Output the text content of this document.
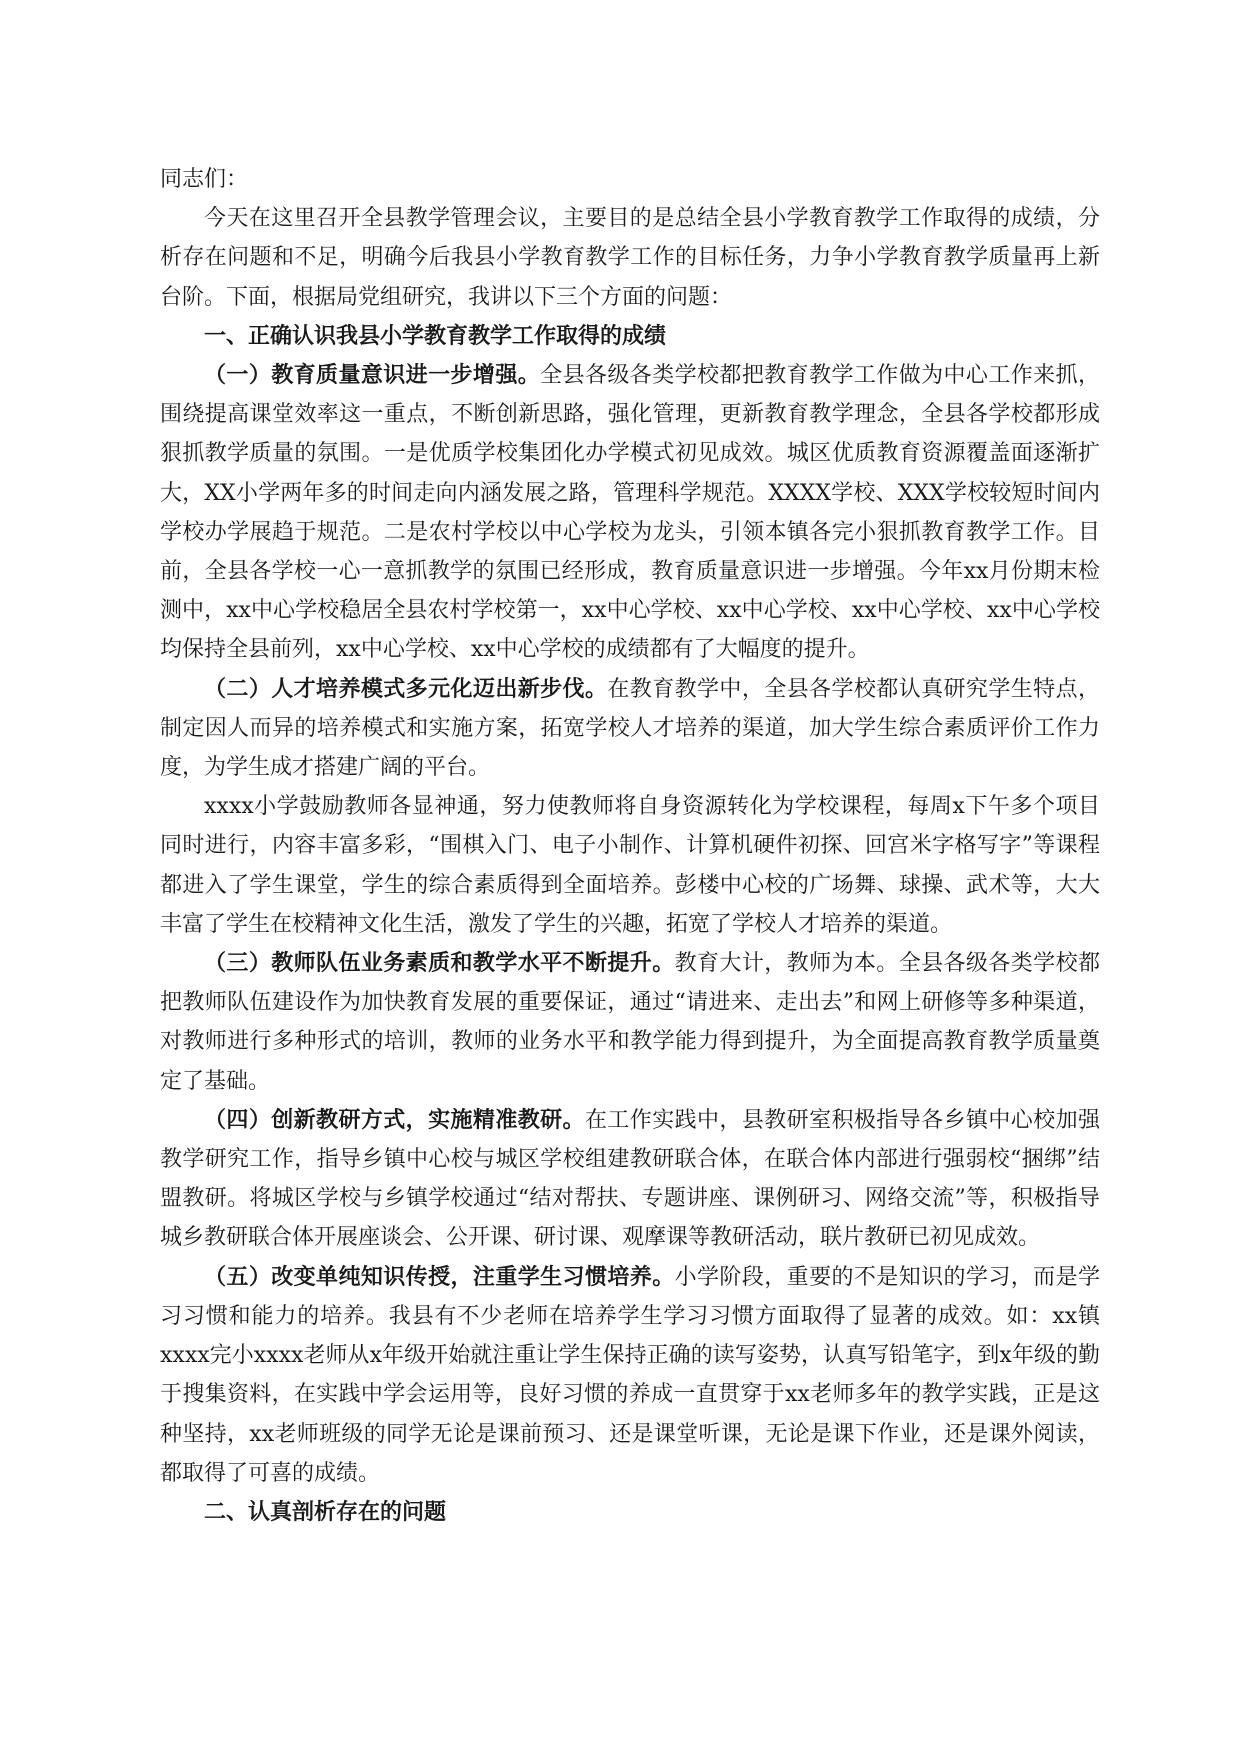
同志们：

今天在这里召开全县教学管理会议，主要目的是总结全县小学教育教学工作取得的成绩，分析存在问题和不足，明确今后我县小学教育教学工作的目标任务，力争小学教育教学质量再上新台阶。下面，根据局党组研究，我讲以下三个方面的问题：

一、正确认识我县小学教育教学工作取得的成绩

（一）教育质量意识进一步增强。全县各级各类学校都把教育教学工作做为中心工作来抓，围绕提高课堂效率这一重点，不断创新思路，强化管理，更新教育教学理念，全县各学校都形成狠抓教学质量的氛围。一是优质学校集团化办学模式初见成效。城区优质教育资源覆盖面逐渐扩大，XX小学两年多的时间走向内涵发展之路，管理科学规范。XXXX学校、XXX学校较短时间内学校办学展趋于规范。二是农村学校以中心学校为龙头，引领本镇各完小狠抓教育教学工作。目前，全县各学校一心一意抓教学的氛围已经形成，教育质量意识进一步增强。今年xx月份期末检测中，xx中心学校稳居全县农村学校第一，xx中心学校、xx中心学校、xx中心学校、xx中心学校均保持全县前列，xx中心学校、xx中心学校的成绩都有了大幅度的提升。

（二）人才培养模式多元化迈出新步伐。在教育教学中，全县各学校都认真研究学生特点，制定因人而异的培养模式和实施方案，拓宽学校人才培养的渠道，加大学生综合素质评价工作力度，为学生成才搭建广阔的平台。

xxxx小学鼓励教师各显神通，努力使教师将自身资源转化为学校课程，每周x下午多个项目同时进行，内容丰富多彩，“围棋入门、电子小制作、计算机硬件初探、回宫米字格写字”等课程都进入了学生课堂，学生的综合素质得到全面培养。彭楼中心校的广场舞、球操、武术等，大大丰富了学生在校精神文化生活，激发了学生的兴趣，拓宽了学校人才培养的渠道。

（三）教师队伍业务素质和教学水平不断提升。教育大计，教师为本。全县各级各类学校都把教师队伍建设作为加快教育发展的重要保证，通过“请进来、走出去”和网上研修等多种渠道，对教师进行多种形式的培训，教师的业务水平和教学能力得到提升，为全面提高教育教学质量奠定了基础。

（四）创新教研方式，实施精准教研。在工作实践中，县教研室积极指导各乡镇中心校加强教学研究工作，指导乡镇中心校与城区学校组建教研联合体，在联合体内部进行强弱校“捆绑”结盟教研。将城区学校与乡镇学校通过“结对帮扶、专题讲座、课例研习、网络交流”等，积极指导城乡教研联合体开展座谈会、公开课、研讨课、观摩课等教研活动，联片教研已初见成效。

（五）改变单纯知识传授，注重学生习惯培养。小学阶段，重要的不是知识的学习，而是学习习惯和能力的培养。我县有不少老师在培养学生学习习惯方面取得了显著的成效。如：xx镇xxxx完小xxxx老师从x年级开始就注重让学生保持正确的读写姿势，认真写铅笔字，到x年级的勤于搜集资料，在实践中学会运用等，良好习惯的养成一直贯穿于xx老师多年的教学实践，正是这种坚持，xx老师班级的同学无论是课前预习、还是课堂听课，无论是课下作业，还是课外阅读，都取得了可喜的成绩。

二、认真剖析存在的问题
